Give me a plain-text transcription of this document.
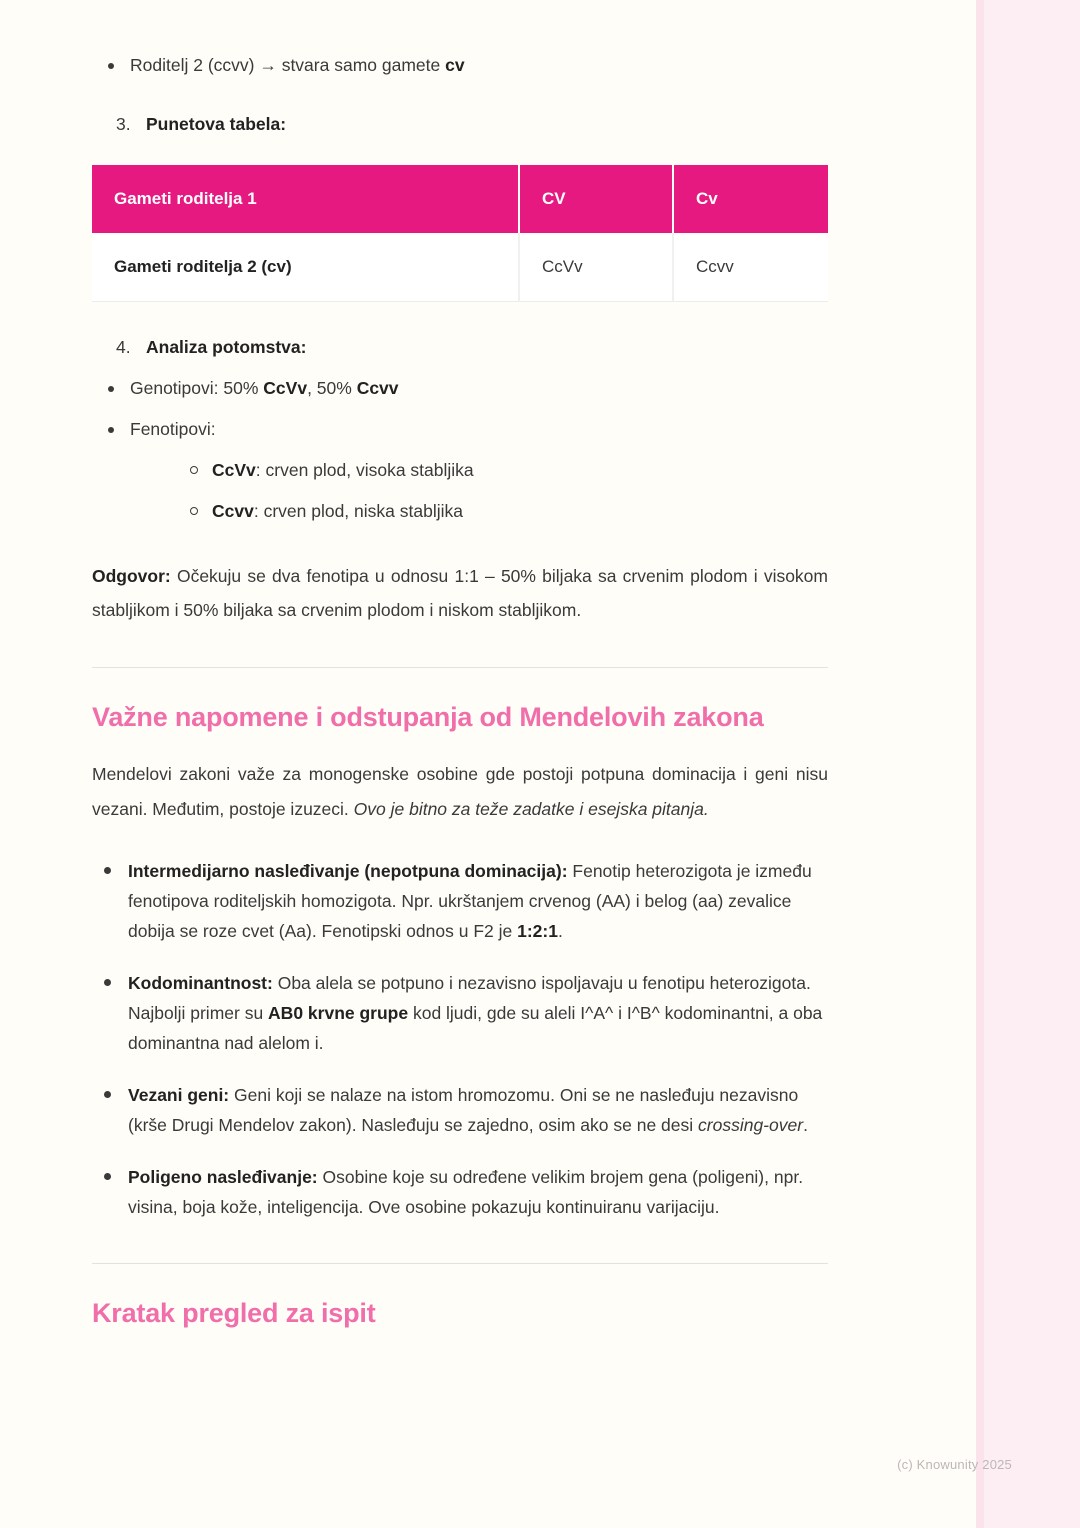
Roditelj 2 (ccvv) → stvara samo gamete cv
3. Punetova tabela:
Gameti roditelja 1	CV	Cv
Gameti roditelja 2 (cv)	CcVv	Ccvv
4. Analiza potomstva:
Genotipovi: 50% CcVv, 50% Ccvv
Fenotipovi:
CcVv: crven plod, visoka stabljika
Ccvv: crven plod, niska stabljika

Odgovor: Očekuju se dva fenotipa u odnosu 1:1 – 50% biljaka sa crvenim plodom i visokom stabljikom i 50% biljaka sa crvenim plodom i niskom stabljikom.

Važne napomene i odstupanja od Mendelovih zakona

Mendelovi zakoni važe za monogenske osobine gde postoji potpuna dominacija i geni nisu vezani. Međutim, postoje izuzeci. Ovo je bitno za teže zadatke i esejska pitanja.

Intermedijarno nasleđivanje (nepotpuna dominacija): Fenotip heterozigota je između fenotipova roditeljskih homozigota. Npr. ukrštanjem crvenog (AA) i belog (aa) zevalice dobija se roze cvet (Aa). Fenotipski odnos u F2 je 1:2:1.
Kodominantnost: Oba alela se potpuno i nezavisno ispoljavaju u fenotipu heterozigota. Najbolji primer su AB0 krvne grupe kod ljudi, gde su aleli I^A^ i I^B^ kodominantni, a oba dominantna nad alelom i.
Vezani geni: Geni koji se nalaze na istom hromozomu. Oni se ne nasleđuju nezavisno (krše Drugi Mendelov zakon). Nasleđuju se zajedno, osim ako se ne desi crossing-over.
Poligeno nasleđivanje: Osobine koje su određene velikim brojem gena (poligeni), npr. visina, boja kože, inteligencija. Ove osobine pokazuju kontinuiranu varijaciju.
Kratak pregled za ispit
(c) Knowunity 2025
